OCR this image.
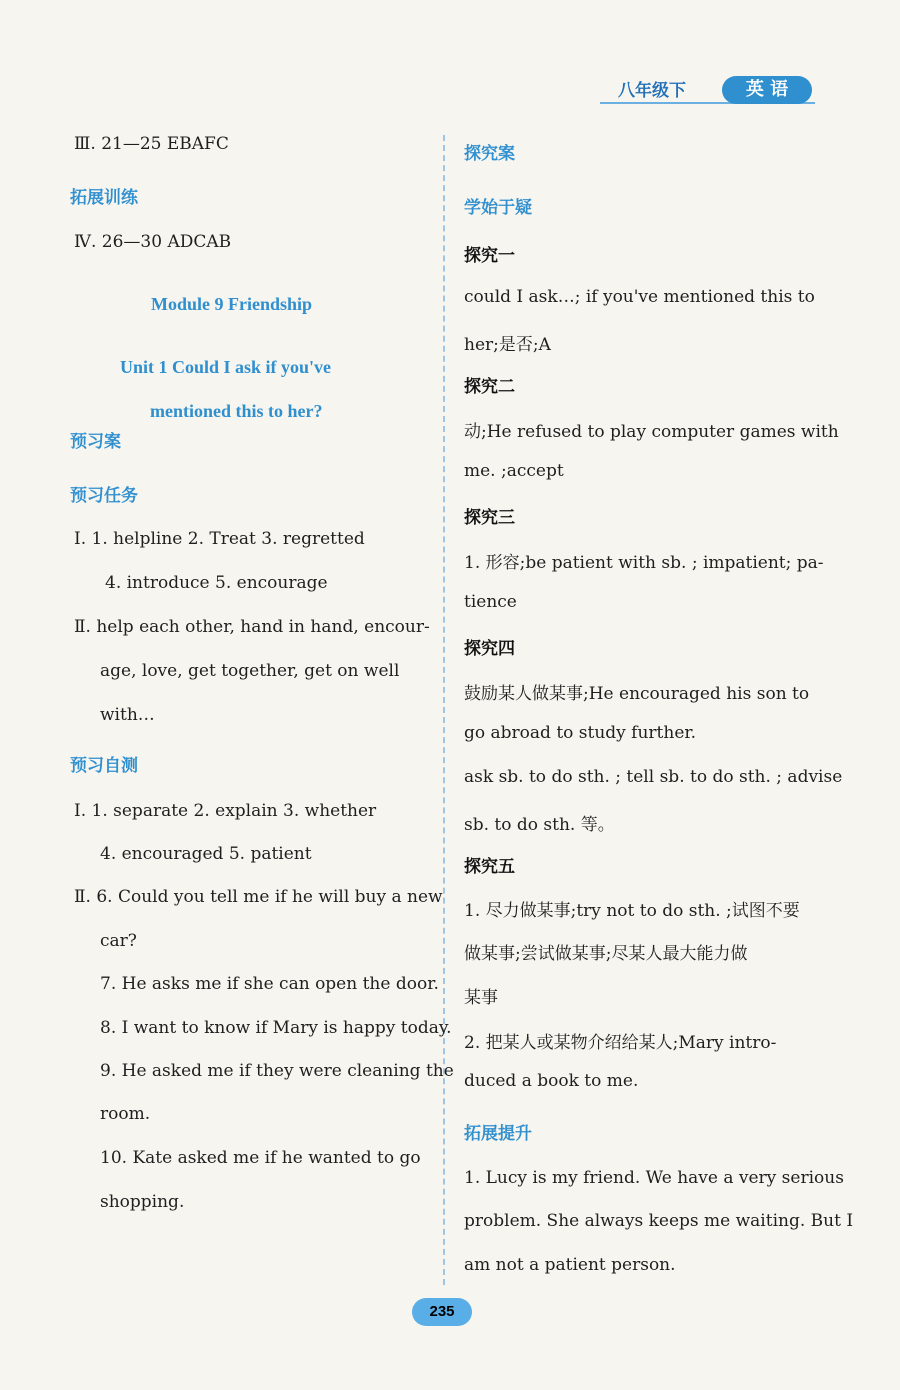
八年级下	英 语
Ⅲ. 21—25 EBAFC
拓展训练
Ⅳ. 26—30 ADCAB
Module 9 Friendship
Unit 1 Could I ask if you've
mentioned this to her?
预习案
预习任务
Ⅰ. 1. helpline 2. Treat 3. regretted
4. introduce 5. encourage
Ⅱ. help each other, hand in hand, encour-
age, love, get together, get on well
with…
预习自测
Ⅰ. 1. separate 2. explain 3. whether
4. encouraged 5. patient
Ⅱ. 6. Could you tell me if he will buy a new
car?
7. He asks me if she can open the door.
8. I want to know if Mary is happy today.
9. He asked me if they were cleaning the
room.
10. Kate asked me if he wanted to go
shopping.
探究案
学始于疑
探究一
could I ask…; if you've mentioned this to
her;是否;A
探究二
动;He refused to play computer games with
me. ;accept
探究三
1. 形容;be patient with sb. ; impatient; pa-
tience
探究四
鼓励某人做某事;He encouraged his son to
go abroad to study further.
ask sb. to do sth. ; tell sb. to do sth. ; advise
sb. to do sth. 等。
探究五
1. 尽力做某事;try not to do sth. ;试图不要
做某事;尝试做某事;尽某人最大能力做
某事
2. 把某人或某物介绍给某人;Mary intro-
duced a book to me.
拓展提升
1. Lucy is my friend. We have a very serious
problem. She always keeps me waiting. But I
am not a patient person.
235
